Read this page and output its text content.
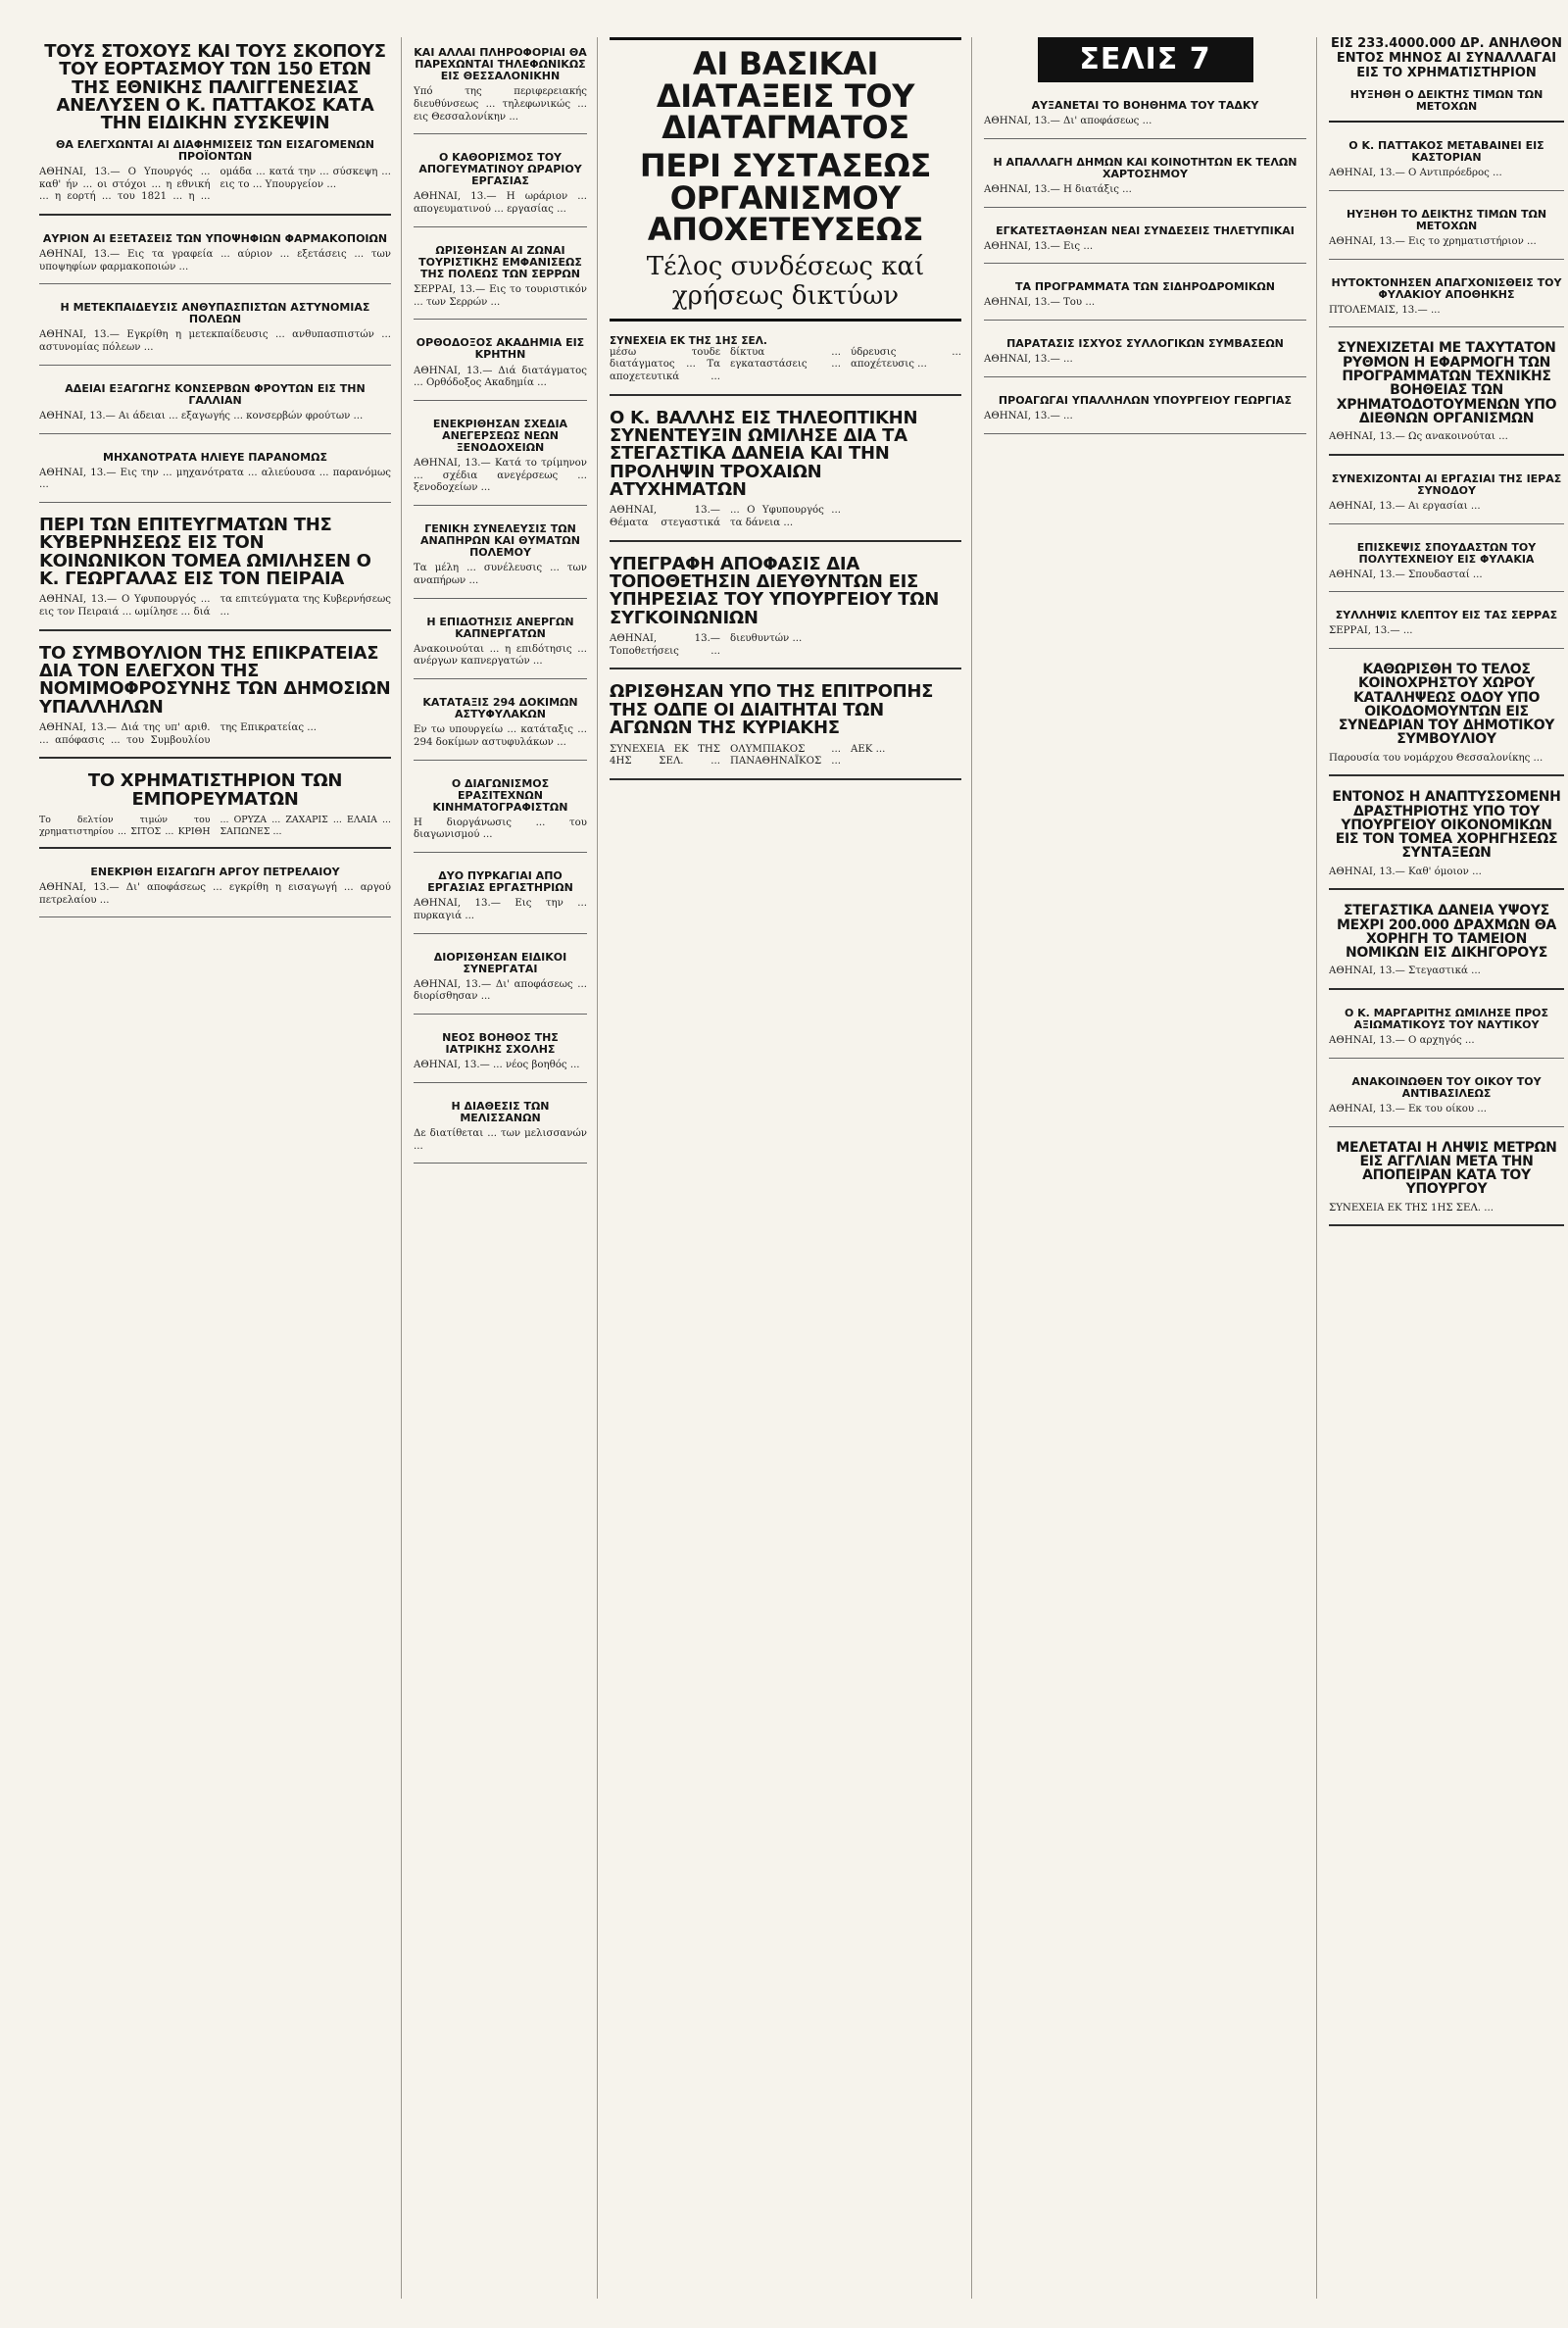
ΤΟΥΣ ΣΤΟΧΟΥΣ ΚΑΙ ΤΟΥΣ ΣΚΟΠΟΥΣ ΤΟΥ ΕΟΡΤΑΣΜΟΥ ΤΩΝ 150 ΕΤΩΝ ΤΗΣ ΕΘΝΙΚΗΣ ΠΑΛΙΓΓΕΝΕΣΙΑΣ ΑΝΕΛΥΣΕΝ Ο Κ. ΠΑΤΤΑΚΟΣ ΚΑΤΑ ΤΗΝ ΕΙΔΙΚΗΝ ΣΥΣΚΕΨΙΝ
ΘΑ ΕΛΕΓΧΩΝΤΑΙ ΑΙ ΔΙΑΦΗΜΙΣΕΙΣ ΤΩΝ ΕΙΣΑΓΟΜΕΝΩΝ ΠΡΟΪΟΝΤΩΝ
ΑΘΗΝΑΙ, 13.— Ο Υπουργός ... καθ' ήν ... οι στόχοι ... η εθνική ... η εορτή ... του 1821 ... η ... ομάδα ... κατά την ... σύσκεψη ... εις το ... Υπουργείον ...
ΑΥΡΙΟΝ ΑΙ ΕΞΕΤΑΣΕΙΣ ΤΩΝ ΥΠΟΨΗΦΙΩΝ ΦΑΡΜΑΚΟΠΟΙΩΝ
ΑΘΗΝΑΙ, 13.— Εις τα γραφεία ... αύριον ... εξετάσεις ... των υποψηφίων φαρμακοποιών ...
Η ΜΕΤΕΚΠΑΙΔΕΥΣΙΣ ΑΝΘΥΠΑΣΠΙΣΤΩΝ ΑΣΤΥΝΟΜΙΑΣ ΠΟΛΕΩΝ
ΑΘΗΝΑΙ, 13.— Εγκρίθη η μετεκπαίδευσις ... ανθυπασπιστών ... αστυνομίας πόλεων ...
ΑΔΕΙΑΙ ΕΞΑΓΩΓΗΣ ΚΟΝΣΕΡΒΩΝ ΦΡΟΥΤΩΝ ΕΙΣ ΤΗΝ ΓΑΛΛΙΑΝ
ΑΘΗΝΑΙ, 13.— Αι άδειαι ... εξαγωγής ... κονσερβών φρούτων ...
ΜΗΧΑΝΟΤΡΑΤΑ ΗΛΙΕΥΕ ΠΑΡΑΝΟΜΩΣ
ΑΘΗΝΑΙ, 13.— Εις την ... μηχανότρατα ... αλιεύουσα ... παρανόμως ...
ΠΕΡΙ ΤΩΝ ΕΠΙΤΕΥΓΜΑΤΩΝ ΤΗΣ ΚΥΒΕΡΝΗΣΕΩΣ ΕΙΣ ΤΟΝ ΚΟΙΝΩΝΙΚΟΝ ΤΟΜΕΑ ΩΜΙΛΗΣΕΝ Ο Κ. ΓΕΩΡΓΑΛΑΣ ΕΙΣ ΤΟΝ ΠΕΙΡΑΙΑ
ΑΘΗΝΑΙ, 13.— Ο Υφυπουργός ... εις τον Πειραιά ... ωμίλησε ... διά τα επιτεύγματα της Κυβερνήσεως ...
ΤΟ ΣΥΜΒΟΥΛΙΟΝ ΤΗΣ ΕΠΙΚΡΑΤΕΙΑΣ ΔΙΑ ΤΟΝ ΕΛΕΓΧΟΝ ΤΗΣ ΝΟΜΙΜΟΦΡΟΣΥΝΗΣ ΤΩΝ ΔΗΜΟΣΙΩΝ ΥΠΑΛΛΗΛΩΝ
ΑΘΗΝΑΙ, 13.— Διά της υπ' αριθ. ... απόφασις ... του Συμβουλίου της Επικρατείας ...
ΤΟ ΧΡΗΜΑΤΙΣΤΗΡΙΟΝ ΤΩΝ ΕΜΠΟΡΕΥΜΑΤΩΝ
Το δελτίον τιμών του χρηματιστηρίου ... ΣΙΤΟΣ ... ΚΡΙΘΗ ... ΟΡΥΖΑ ... ΖΑΧΑΡΙΣ ... ΕΛΑΙΑ ... ΣΑΠΩΝΕΣ ...
ΕΝΕΚΡΙΘΗ ΕΙΣΑΓΩΓΗ ΑΡΓΟΥ ΠΕΤΡΕΛΑΙΟΥ
ΑΘΗΝΑΙ, 13.— Δι' αποφάσεως ... εγκρίθη η εισαγωγή ... αργού πετρελαίου ...
ΚΑΙ ΑΛΛΑΙ ΠΛΗΡΟΦΟΡΙΑΙ ΘΑ ΠΑΡΕΧΩΝΤΑΙ ΤΗΛΕΦΩΝΙΚΩΣ ΕΙΣ ΘΕΣΣΑΛΟΝΙΚΗΝ
Υπό της περιφερειακής διευθύνσεως ... τηλεφωνικώς ... εις Θεσσαλονίκην ...
Ο ΚΑΘΟΡΙΣΜΟΣ ΤΟΥ ΑΠΟΓΕΥΜΑΤΙΝΟΥ ΩΡΑΡΙΟΥ ΕΡΓΑΣΙΑΣ
ΑΘΗΝΑΙ, 13.— Η ωράριον ... απογευματινού ... εργασίας ...
ΩΡΙΣΘΗΣΑΝ ΑΙ ΖΩΝΑΙ ΤΟΥΡΙΣΤΙΚΗΣ ΕΜΦΑΝΙΣΕΩΣ ΤΗΣ ΠΟΛΕΩΣ ΤΩΝ ΣΕΡΡΩΝ
ΣΕΡΡΑΙ, 13.— Εις το τουριστικόν ... των Σερρών ...
ΟΡΘΟΔΟΞΟΣ ΑΚΑΔΗΜΙΑ ΕΙΣ ΚΡΗΤΗΝ
ΑΘΗΝΑΙ, 13.— Διά διατάγματος ... Ορθόδοξος Ακαδημία ...
ΕΝΕΚΡΙΘΗΣΑΝ ΣΧΕΔΙΑ ΑΝΕΓΕΡΣΕΩΣ ΝΕΩΝ ΞΕΝΟΔΟΧΕΙΩΝ
ΑΘΗΝΑΙ, 13.— Κατά το τρίμηνον ... σχέδια ανεγέρσεως ... ξενοδοχείων ...
ΓΕΝΙΚΗ ΣΥΝΕΛΕΥΣΙΣ ΤΩΝ ΑΝΑΠΗΡΩΝ ΚΑΙ ΘΥΜΑΤΩΝ ΠΟΛΕΜΟΥ
Τα μέλη ... συνέλευσις ... των αναπήρων ...
Η ΕΠΙΔΟΤΗΣΙΣ ΑΝΕΡΓΩΝ ΚΑΠΝΕΡΓΑΤΩΝ
Ανακοινούται ... η επιδότησις ... ανέργων καπνεργατών ...
ΚΑΤΑΤΑΞΙΣ 294 ΔΟΚΙΜΩΝ ΑΣΤΥΦΥΛΑΚΩΝ
Εν τω υπουργείω ... κατάταξις ... 294 δοκίμων αστυφυλάκων ...
Ο ΔΙΑΓΩΝΙΣΜΟΣ ΕΡΑΣΙΤΕΧΝΩΝ ΚΙΝΗΜΑΤΟΓΡΑΦΙΣΤΩΝ
Η διοργάνωσις ... του διαγωνισμού ...
ΔΥΟ ΠΥΡΚΑΓΙΑΙ ΑΠΟ ΕΡΓΑΣΙΑΣ ΕΡΓΑΣΤΗΡΙΩΝ
ΑΘΗΝΑΙ, 13.— Εις την ... πυρκαγιά ...
ΔΙΟΡΙΣΘΗΣΑΝ ΕΙΔΙΚΟΙ ΣΥΝΕΡΓΑΤΑΙ
ΑΘΗΝΑΙ, 13.— Δι' αποφάσεως ... διορίσθησαν ...
ΝΕΟΣ ΒΟΗΘΟΣ ΤΗΣ ΙΑΤΡΙΚΗΣ ΣΧΟΛΗΣ
ΑΘΗΝΑΙ, 13.— ... νέος βοηθός ...
Η ΔΙΑΘΕΣΙΣ ΤΩΝ ΜΕΛΙΣΣΑΝΩΝ
Δε διατίθεται ... των μελισσανών ...
ΑΙ ΒΑΣΙΚΑΙ ΔΙΑΤΑΞΕΙΣ ΤΟΥ ΔΙΑΤΑΓΜΑΤΟΣ
ΠΕΡΙ ΣΥΣΤΑΣΕΩΣ ΟΡΓΑΝΙΣΜΟΥ ΑΠΟΧΕΤΕΥΣΕΩΣ
Τέλος συνδέσεως καί χρήσεως δικτύων
ΣΥΝΕΧΕΙΑ ΕΚ ΤΗΣ 1ΗΣ ΣΕΛ.
μέσω τουδε διατάγματος ... Τα αποχετευτικά ... δίκτυα ... εγκαταστάσεις ... ύδρευσις ... αποχέτευσις ...
Ο Κ. ΒΑΛΛΗΣ ΕΙΣ ΤΗΛΕΟΠΤΙΚΗΝ ΣΥΝΕΝΤΕΥΞΙΝ ΩΜΙΛΗΣΕ ΔΙΑ ΤΑ ΣΤΕΓΑΣΤΙΚΑ ΔΑΝΕΙΑ ΚΑΙ ΤΗΝ ΠΡΟΛΗΨΙΝ ΤΡΟΧΑΙΩΝ ΑΤΥΧΗΜΑΤΩΝ
ΑΘΗΝΑΙ, 13.— Θέματα στεγαστικά ... Ο Υφυπουργός ... τα δάνεια ...
ΥΠΕΓΡΑΦΗ ΑΠΟΦΑΣΙΣ ΔΙΑ ΤΟΠΟΘΕΤΗΣΙΝ ΔΙΕΥΘΥΝΤΩΝ ΕΙΣ ΥΠΗΡΕΣΙΑΣ ΤΟΥ ΥΠΟΥΡΓΕΙΟΥ ΤΩΝ ΣΥΓΚΟΙΝΩΝΙΩΝ
ΑΘΗΝΑΙ, 13.— Τοποθετήσεις ... διευθυντών ...
ΩΡΙΣΘΗΣΑΝ ΥΠΟ ΤΗΣ ΕΠΙΤΡΟΠΗΣ ΤΗΣ ΟΔΠΕ ΟΙ ΔΙΑΙΤΗΤΑΙ ΤΩΝ ΑΓΩΝΩΝ ΤΗΣ ΚΥΡΙΑΚΗΣ
ΣΥΝΕΧΕΙΑ ΕΚ ΤΗΣ 4ΗΣ ΣΕΛ. ... ΟΛΥΜΠΙΑΚΟΣ ... ΠΑΝΑΘΗΝΑΪΚΟΣ ... ΑΕΚ ...
ΣΕΛΙΣ 7
ΑΥΞΑΝΕΤΑΙ ΤΟ ΒΟΗΘΗΜΑ ΤΟΥ ΤΑΔΚΥ
ΑΘΗΝΑΙ, 13.— Δι' αποφάσεως ...
Η ΑΠΑΛΛΑΓΗ ΔΗΜΩΝ ΚΑΙ ΚΟΙΝΟΤΗΤΩΝ ΕΚ ΤΕΛΩΝ ΧΑΡΤΟΣΗΜΟΥ
ΑΘΗΝΑΙ, 13.— Η διατάξις ...
ΕΓΚΑΤΕΣΤΑΘΗΣΑΝ ΝΕΑΙ ΣΥΝΔΕΣΕΙΣ ΤΗΛΕΤΥΠΙΚΑΙ
ΑΘΗΝΑΙ, 13.— Εις ...
ΤΑ ΠΡΟΓΡΑΜΜΑΤΑ ΤΩΝ ΣΙΔΗΡΟΔΡΟΜΙΚΩΝ
ΑΘΗΝΑΙ, 13.— Του ...
ΠΑΡΑΤΑΣΙΣ ΙΣΧΥΟΣ ΣΥΛΛΟΓΙΚΩΝ ΣΥΜΒΑΣΕΩΝ
ΑΘΗΝΑΙ, 13.— ...
ΠΡΟΑΓΩΓΑΙ ΥΠΑΛΛΗΛΩΝ ΥΠΟΥΡΓΕΙΟΥ ΓΕΩΡΓΙΑΣ
ΑΘΗΝΑΙ, 13.— ...
ΕΙΣ 233.4000.000 ΔΡ. ΑΝΗΛΘΟΝ ΕΝΤΟΣ ΜΗΝΟΣ ΑΙ ΣΥΝΑΛΛΑΓΑΙ ΕΙΣ ΤΟ ΧΡΗΜΑΤΙΣΤΗΡΙΟΝ
ΗΥΞΗΘΗ Ο ΔΕΙΚΤΗΣ ΤΙΜΩΝ ΤΩΝ ΜΕΤΟΧΩΝ
Ο Κ. ΠΑΤΤΑΚΟΣ ΜΕΤΑΒΑΙΝΕΙ ΕΙΣ ΚΑΣΤΟΡΙΑΝ
ΑΘΗΝΑΙ, 13.— Ο Αντιπρόεδρος ...
ΗΥΞΗΘΗ ΤΟ ΔΕΙΚΤΗΣ ΤΙΜΩΝ ΤΩΝ ΜΕΤΟΧΩΝ
ΑΘΗΝΑΙ, 13.— Εις το χρηματιστήριον ...
ΗΥΤΟΚΤΟΝΗΣΕΝ ΑΠΑΓΧΟΝΙΣΘΕΙΣ ΤΟΥ ΦΥΛΑΚΙΟΥ ΑΠΟΘΗΚΗΣ
ΠΤΟΛΕΜΑΙΣ, 13.— ...
ΣΥΝΕΧΙΖΕΤΑΙ ΜΕ ΤΑΧΥΤΑΤΟΝ ΡΥΘΜΟΝ Η ΕΦΑΡΜΟΓΗ ΤΩΝ ΠΡΟΓΡΑΜΜΑΤΩΝ ΤΕΧΝΙΚΗΣ ΒΟΗΘΕΙΑΣ ΤΩΝ ΧΡΗΜΑΤΟΔΟΤΟΥΜΕΝΩΝ ΥΠΟ ΔΙΕΘΝΩΝ ΟΡΓΑΝΙΣΜΩΝ
ΑΘΗΝΑΙ, 13.— Ως ανακοινούται ...
ΣΥΝΕΧΙΖΟΝΤΑΙ ΑΙ ΕΡΓΑΣΙΑΙ ΤΗΣ ΙΕΡΑΣ ΣΥΝΟΔΟΥ
ΑΘΗΝΑΙ, 13.— Αι εργασίαι ...
ΕΠΙΣΚΕΨΙΣ ΣΠΟΥΔΑΣΤΩΝ ΤΟΥ ΠΟΛΥΤΕΧΝΕΙΟΥ ΕΙΣ ΦΥΛΑΚΙΑ
ΑΘΗΝΑΙ, 13.— Σπουδασταί ...
ΣΥΛΛΗΨΙΣ ΚΛΕΠΤΟΥ ΕΙΣ ΤΑΣ ΣΕΡΡΑΣ
ΣΕΡΡΑΙ, 13.— ...
ΚΑΘΩΡΙΣΘΗ ΤΟ ΤΕΛΟΣ ΚΟΙΝΟΧΡΗΣΤΟΥ ΧΩΡΟΥ ΚΑΤΑΛΗΨΕΩΣ ΟΔΟΥ ΥΠΟ ΟΙΚΟΔΟΜΟΥΝΤΩΝ ΕΙΣ ΣΥΝΕΔΡΙΑΝ ΤΟΥ ΔΗΜΟΤΙΚΟΥ ΣΥΜΒΟΥΛΙΟΥ
Παρουσία του νομάρχου Θεσσαλονίκης ...
ΕΝΤΟΝΟΣ Η ΑΝΑΠΤΥΣΣΟΜΕΝΗ ΔΡΑΣΤΗΡΙΟΤΗΣ ΥΠΟ ΤΟΥ ΥΠΟΥΡΓΕΙΟΥ ΟΙΚΟΝΟΜΙΚΩΝ ΕΙΣ ΤΟΝ ΤΟΜΕΑ ΧΟΡΗΓΗΣΕΩΣ ΣΥΝΤΑΞΕΩΝ
ΑΘΗΝΑΙ, 13.— Καθ' όμοιον ...
ΣΤΕΓΑΣΤΙΚΑ ΔΑΝΕΙΑ ΥΨΟΥΣ ΜΕΧΡΙ 200.000 ΔΡΑΧΜΩΝ ΘΑ ΧΟΡΗΓΗ ΤΟ ΤΑΜΕΙΟΝ ΝΟΜΙΚΩΝ ΕΙΣ ΔΙΚΗΓΟΡΟΥΣ
ΑΘΗΝΑΙ, 13.— Στεγαστικά ...
Ο Κ. ΜΑΡΓΑΡΙΤΗΣ ΩΜΙΛΗΣΕ ΠΡΟΣ ΑΞΙΩΜΑΤΙΚΟΥΣ ΤΟΥ ΝΑΥΤΙΚΟΥ
ΑΘΗΝΑΙ, 13.— Ο αρχηγός ...
ΑΝΑΚΟΙΝΩΘΕΝ ΤΟΥ ΟΙΚΟΥ ΤΟΥ ΑΝΤΙΒΑΣΙΛΕΩΣ
ΑΘΗΝΑΙ, 13.— Εκ του οίκου ...
ΜΕΛΕΤΑΤΑΙ Η ΛΗΨΙΣ ΜΕΤΡΩΝ ΕΙΣ ΑΓΓΛΙΑΝ ΜΕΤΑ ΤΗΝ ΑΠΟΠΕΙΡΑΝ ΚΑΤΑ ΤΟΥ ΥΠΟΥΡΓΟΥ
ΣΥΝΕΧΕΙΑ ΕΚ ΤΗΣ 1ΗΣ ΣΕΛ. ...
